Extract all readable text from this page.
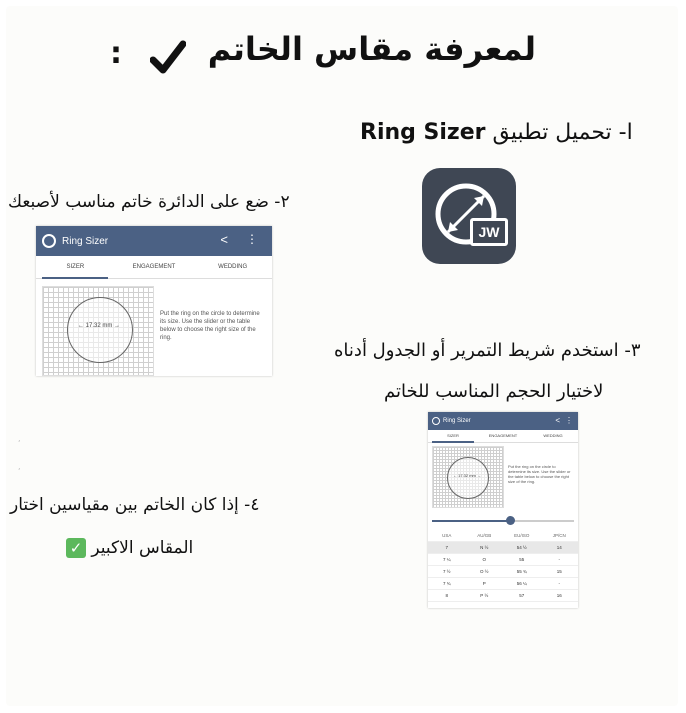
لمعرفة مقاس الخاتم
:
ا- تحميل تطبيق Ring Sizer
JW
٢- ضع على الدائرة خاتم مناسب لأصبعك
Ring Sizer	< ⋮
SIZER	ENGAGEMENT	WEDDING
← 17.32 mm →
Put the ring on the circle to determine its size. Use the slider or the table below to choose the right size of the ring.
٣- استخدم شريط التمرير أو الجدول أدناه
لاختيار الحجم المناسب للخاتم
,
,
٤- إذا كان الخاتم بين مقياسين اختار
المقاس الاكبير ✓
Ring Sizer	< ⋮
SIZER	ENGAGEMENT	WEDDING
← 17.32 mm →
Put the ring on the circle to determine its size. Use the slider or the table below to choose the right size of the ring.
USA	AU/GB	EU/ISO	JP/CN
7	N ½	54 ½	14
7 ¼	O	55	-
7 ½	O ½	55 ¾	15
7 ¾	P	56 ¼	-
8	P ½	57	16
